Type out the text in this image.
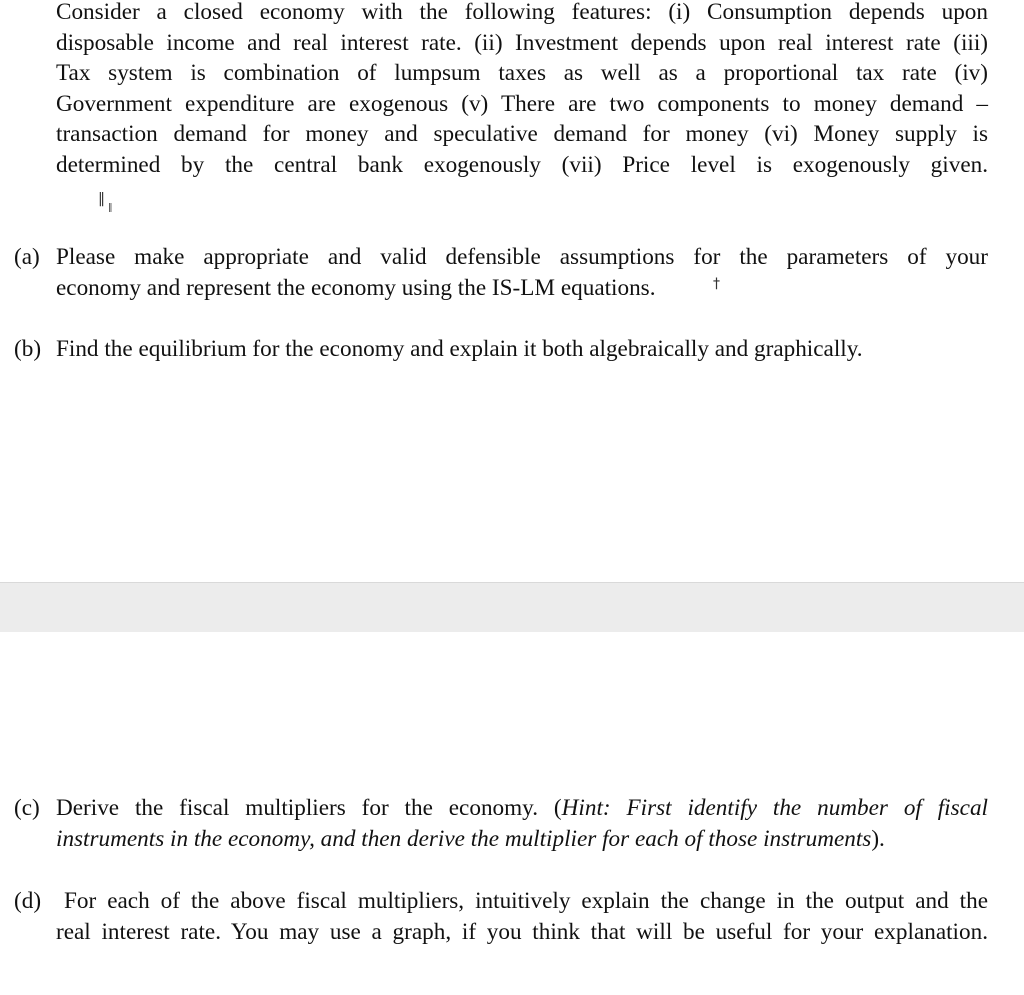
Consider a closed economy with the following features: (i) Consumption depends upon
disposable income and real interest rate. (ii) Investment depends upon real interest rate (iii)
Tax system is combination of lumpsum taxes as well as a proportional tax rate (iv)
Government expenditure are exogenous (v) There are two components to money demand –
transaction demand for money and speculative demand for money (vi) Money supply is
determined by the central bank exogenously (vii) Price level is exogenously given.
‖
‖
(a) Please make appropriate and valid defensible assumptions for the parameters of your
economy and represent the economy using the IS-LM equations.	†
(b) Find the equilibrium for the economy and explain it both algebraically and graphically.
(c) Derive the fiscal multipliers for the economy. (Hint: First identify the number of fiscal
instruments in the economy, and then derive the multiplier for each of those instruments).
(d) For each of the above fiscal multipliers, intuitively explain the change in the output and the
real interest rate. You may use a graph, if you think that will be useful for your explanation.
